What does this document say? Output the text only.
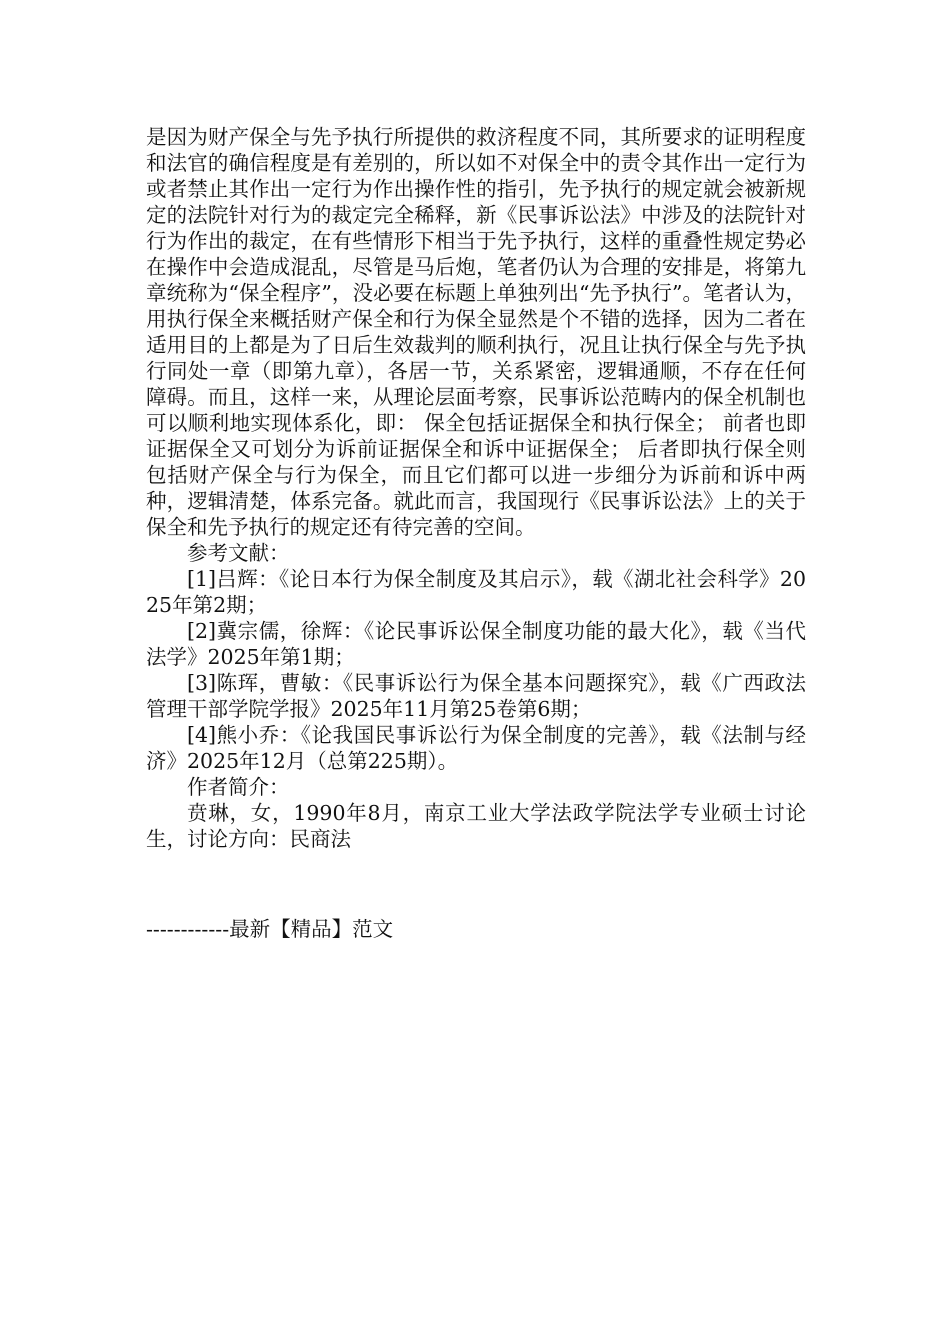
是因为财产保全与先予执行所提供的救济程度不同，其所要求的证明程度和法官的确信程度是有差别的，所以如不对保全中的责令其作出一定行为或者禁止其作出一定行为作出操作性的指引，先予执行的规定就会被新规定的法院针对行为的裁定完全稀释，新《民事诉讼法》中涉及的法院针对行为作出的裁定，在有些情形下相当于先予执行，这样的重叠性规定势必在操作中会造成混乱，尽管是马后炮，笔者仍认为合理的安排是，将第九章统称为“保全程序”，没必要在标题上单独列出“先予执行”。笔者认为，用执行保全来概括财产保全和行为保全显然是个不错的选择，因为二者在适用目的上都是为了日后生效裁判的顺利执行，况且让执行保全与先予执行同处一章（即第九章），各居一节，关系紧密，逻辑通顺，不存在任何障碍。而且，这样一来，从理论层面考察，民事诉讼范畴内的保全机制也可以顺利地实现体系化，即： 保全包括证据保全和执行保全； 前者也即证据保全又可划分为诉前证据保全和诉中证据保全； 后者即执行保全则包括财产保全与行为保全，而且它们都可以进一步细分为诉前和诉中两种，逻辑清楚，体系完备。就此而言，我国现行《民事诉讼法》上的关于保全和先予执行的规定还有待完善的空间。

参考文献：

[1]吕辉：《论日本行为保全制度及其启示》，载《湖北社会科学》2025年第2期；

[2]冀宗儒，徐辉：《论民事诉讼保全制度功能的最大化》，载《当代法学》2025年第1期；

[3]陈珲，曹敏：《民事诉讼行为保全基本问题探究》，载《广西政法管理干部学院学报》2025年11月第25卷第6期；

[4]熊小乔：《论我国民事诉讼行为保全制度的完善》，载《法制与经济》2025年12月（总第225期）。

作者简介：

贲琳，女，1990年8月，南京工业大学法政学院法学专业硕士讨论生，讨论方向：民商法

------------最新【精品】范文
